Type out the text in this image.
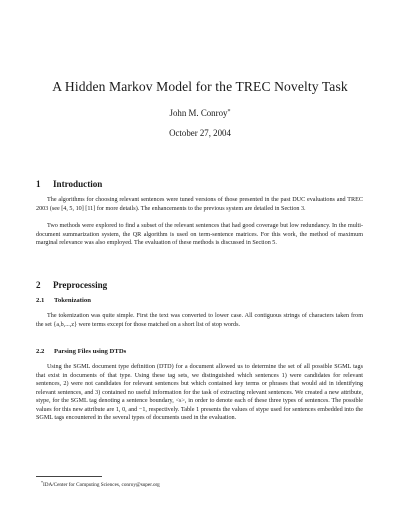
A Hidden Markov Model for the TREC Novelty Task
John M. Conroy*
October 27, 2004
1 Introduction

The algorithms for choosing relevant sentences were tuned versions of those presented in the past DUC evaluations and TREC 2003 (see [4, 5, 10] [11] for more details). The enhancements to the previous system are detailed in Section 3.

Two methods were explored to find a subset of the relevant sentences that had good coverage but low redundancy. In the multi-document summarization system, the QR algorithm is used on term-sentence matrices. For this work, the method of maximum marginal relevance was also employed. The evaluation of these methods is discussed in Section 5.

2 Preprocessing
2.1 Tokenization

The tokenization was quite simple. First the text was converted to lower case. All contiguous strings of characters taken from the set {a,b,...,z} were terms except for those matched on a short list of stop words.

2.2 Parsing Files using DTDs

Using the SGML document type definition (DTD) for a document allowed us to determine the set of all possible SGML tags that exist in documents of that type. Using these tag sets, we distinguished which sentences 1) were candidates for relevant sentences, 2) were not candidates for relevant sentences but which contained key terms or phrases that would aid in identifying relevant sentences, and 3) contained no useful information for the task of extracting relevant sentences. We created a new attribute, stype, for the SGML tag denoting a sentence boundary, <s>, in order to denote each of these three types of sentences. The possible values for this new attribute are 1, 0, and −1, respectively. Table 1 presents the values of stype used for sentences embedded into the SGML tags encountered in the several types of documents used in the evaluation.

*IDA/Center for Computing Sciences, conroy@super.org
